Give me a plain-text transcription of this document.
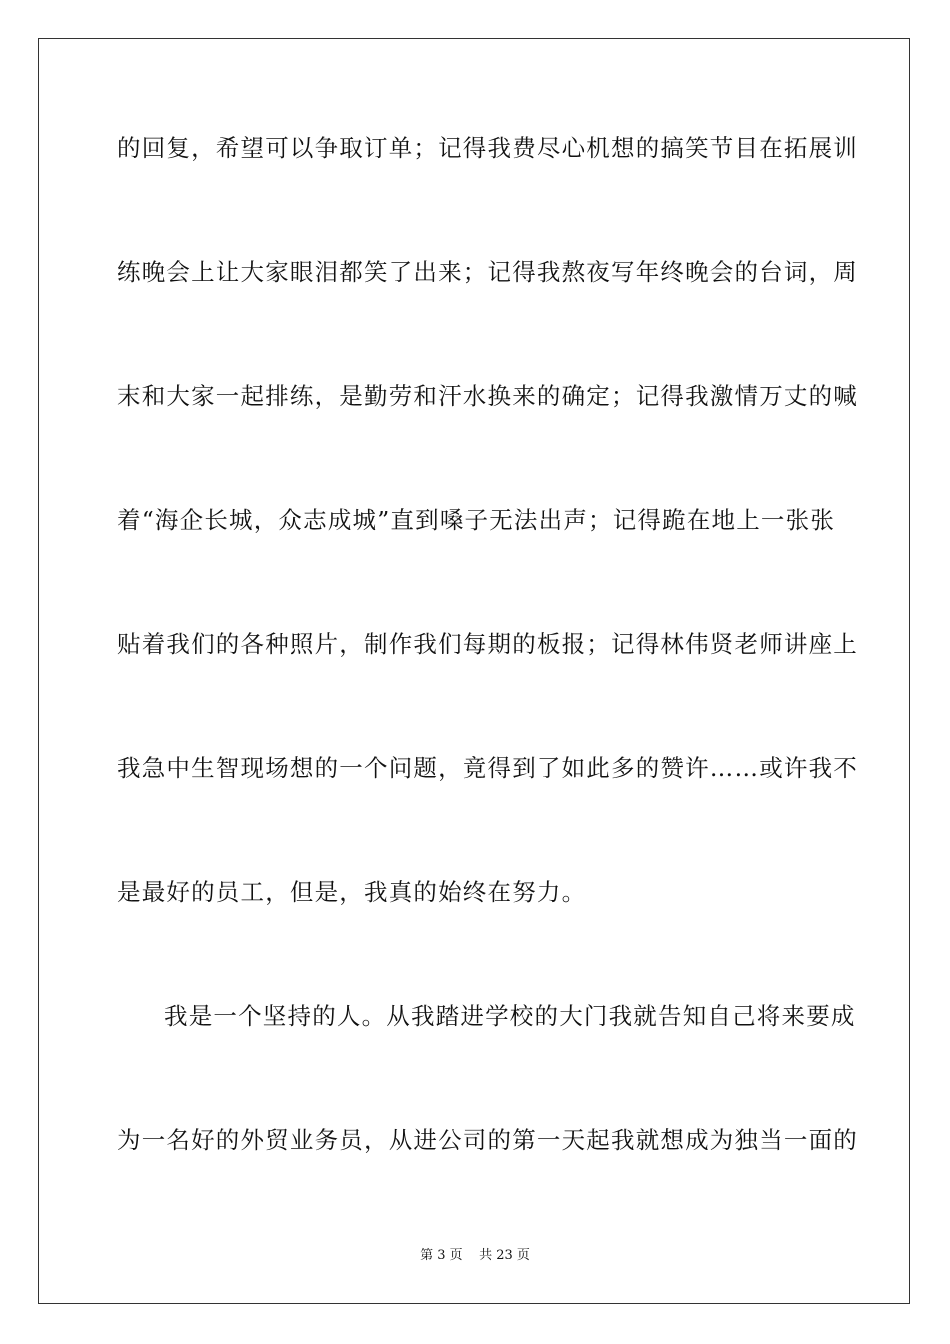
的回复，希望可以争取订单；记得我费尽心机想的搞笑节目在拓展训
练晚会上让大家眼泪都笑了出来；记得我熬夜写年终晚会的台词，周
末和大家一起排练，是勤劳和汗水换来的确定；记得我激情万丈的喊
着“海企长城，众志成城”直到嗓子无法出声；记得跪在地上一张张
贴着我们的各种照片，制作我们每期的板报；记得林伟贤老师讲座上
我急中生智现场想的一个问题，竟得到了如此多的赞许……或许我不
是最好的员工，但是，我真的始终在努力。
我是一个坚持的人。从我踏进学校的大门我就告知自己将来要成
为一名好的外贸业务员，从进公司的第一天起我就想成为独当一面的
第 3 页    共 23 页
